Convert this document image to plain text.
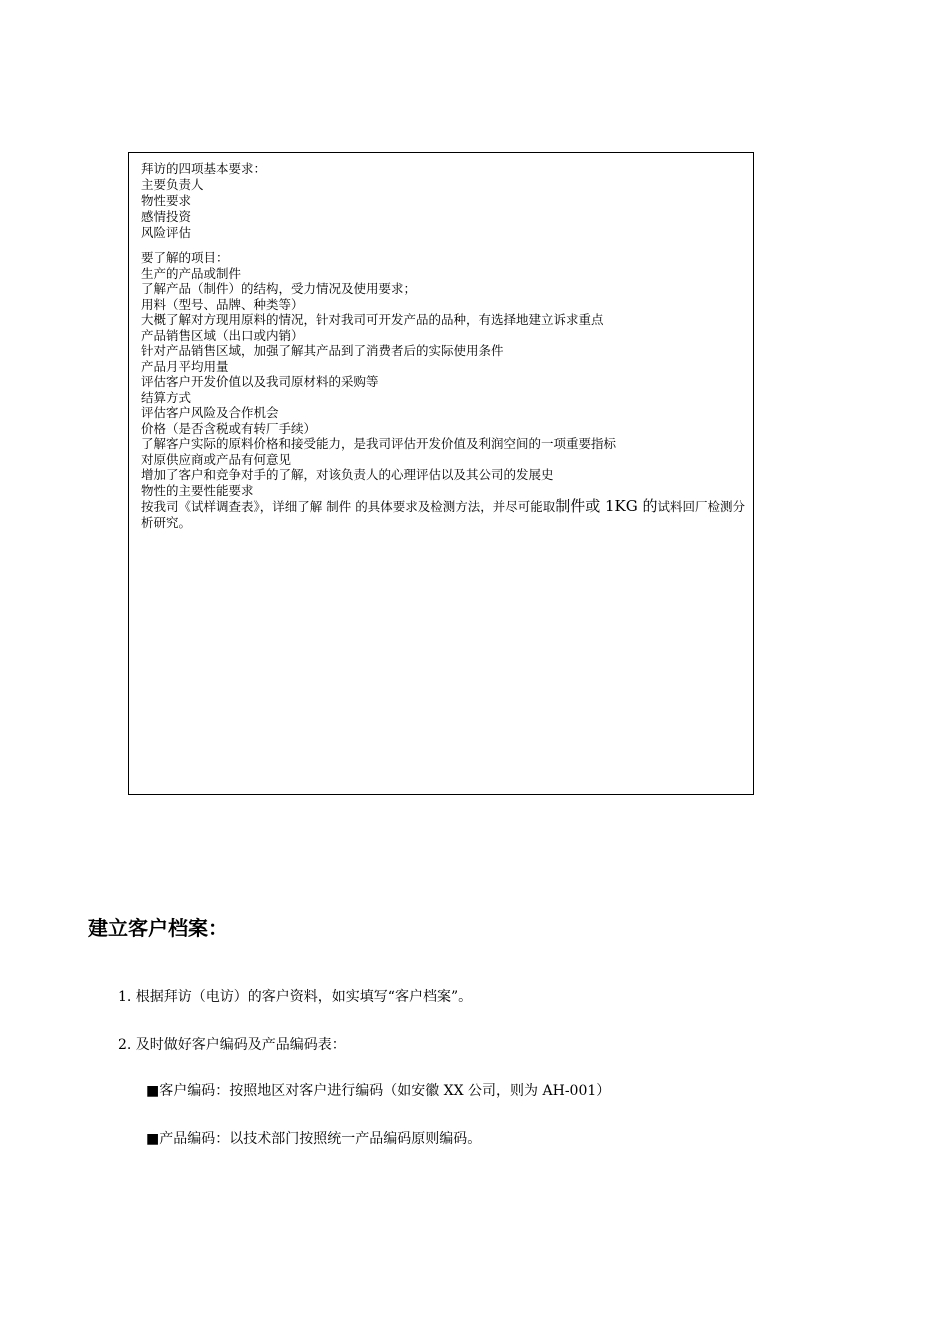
拜访的四项基本要求：
主要负责人
物性要求
感情投资
风险评估
要了解的项目：
生产的产品或制件
了解产品（制件）的结构，受力情况及使用要求；
用料（型号、品牌、种类等）
大概了解对方现用原料的情况，针对我司可开发产品的品种，有选择地建立诉求重点
产品销售区域（出口或内销）
针对产品销售区域，加强了解其产品到了消费者后的实际使用条件
产品月平均用量
评估客户开发价值以及我司原材料的采购等
结算方式
评估客户风险及合作机会
价格（是否含税或有转厂手续）
了解客户实际的原料价格和接受能力，是我司评估开发价值及利润空间的一项重要指标
对原供应商或产品有何意见
增加了客户和竞争对手的了解，对该负责人的心理评估以及其公司的发展史
物性的主要性能要求
按我司《试样调查表》，详细了解 制件 的具体要求及检测方法，并尽可能取制件或 1KG 的试料回厂检测分析研究。
建立客户档案：
1. 根据拜访（电访）的客户资料，如实填写“客户档案”。
2. 及时做好客户编码及产品编码表：
■客户编码：按照地区对客户进行编码（如安徽 XX 公司，则为 AH-001）
■产品编码：以技术部门按照统一产品编码原则编码。
